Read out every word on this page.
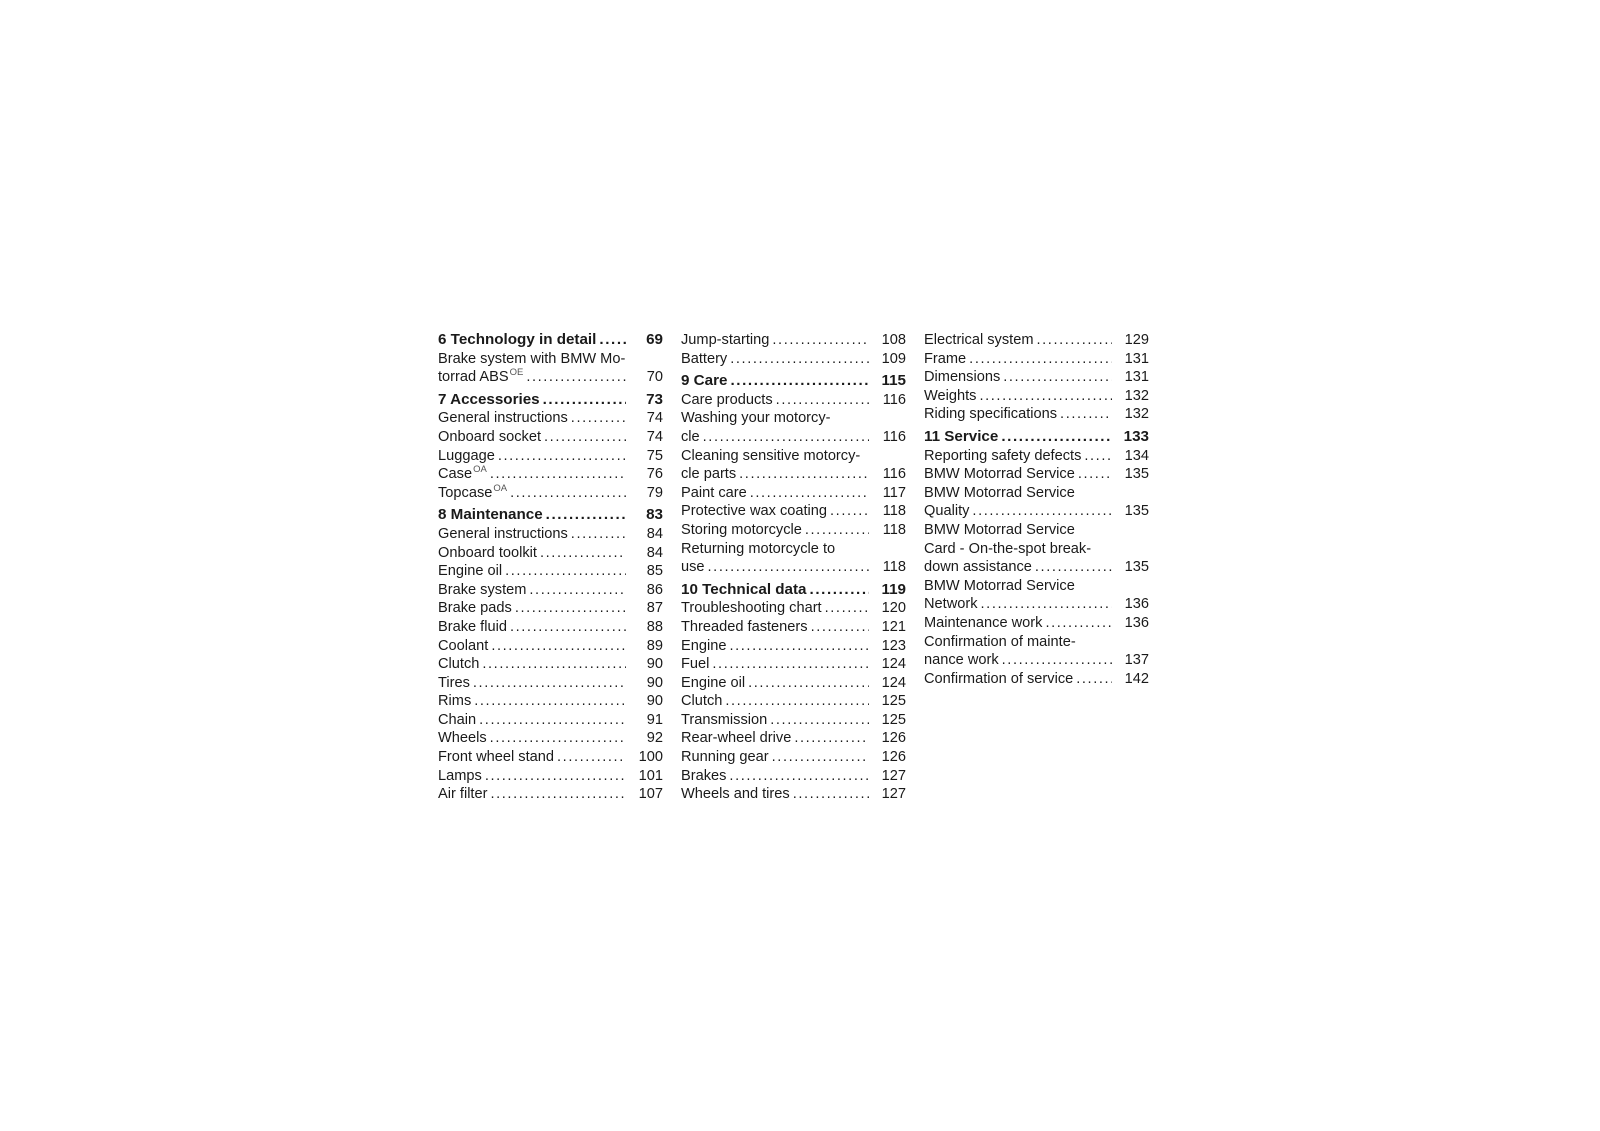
6 Technology in detail .....	69
Brake system with BMW Mo-
torrad $ABS^{OE}$ .....	70
7 Accessories .....	73
General instructions .....	74
Onboard socket .....	74
Luggage .....	75
Case$^{OA}$ .....	76
Topcase$^{OA}$ .....	79
8 Maintenance .....	83
General instructions .....	84
Onboard toolkit .....	84
Engine oil .....	85
Brake system .....	86
Brake pads .....	87
Brake fluid .....	88
Coolant .....	89
Clutch .....	90
Tires .....	90
Rims .....	90
Chain .....	91
Wheels .....	92
Front wheel stand .....	100
Lamps .....	101
Air filter .....	107
Jump-starting .....	108
Battery .....	109
9 Care .....	115
Care products .....	116
Washing your motorcy-
cle .....	116
Cleaning sensitive motorcy-
cle parts .....	116
Paint care .....	117
Protective wax coating .....	118
Storing motorcycle .....	118
Returning motorcycle to
use .....	118
10 Technical data .....	119
Troubleshooting chart .....	120
Threaded fasteners .....	121
Engine .....	123
Fuel .....	124
Engine oil .....	124
Clutch .....	125
Transmission .....	125
Rear-wheel drive .....	126
Running gear .....	126
Brakes .....	127
Wheels and tires .....	127
Electrical system .....	129
Frame .....	131
Dimensions .....	131
Weights .....	132
Riding specifications .....	132
11 Service .....	133
Reporting safety defects .....	134
BMW Motorrad Service .....	135
BMW Motorrad Service
Quality .....	135
BMW Motorrad Service
Card - On-the-spot break-
down assistance .....	135
BMW Motorrad Service
Network .....	136
Maintenance work .....	136
Confirmation of mainte-
nance work .....	137
Confirmation of service .....	142
